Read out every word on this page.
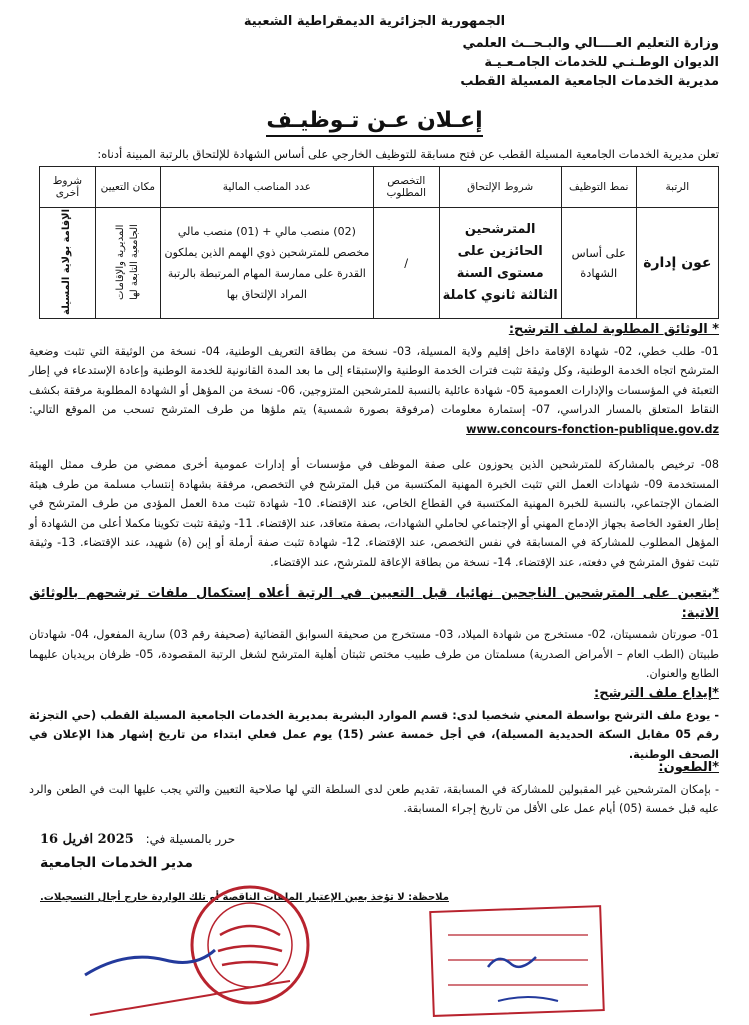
الجمهورية الجزائرية الديمقراطية الشعبية
وزارة التعليم العــــالي والبـحــث العلمي
الديوان الوطـنـي للخدمات الجامـعـيـة
مديرية الخدمات الجامعية المسيلة القطب
إعـلان عـن تـوظيـف
تعلن مديرية الخدمات الجامعية المسيلة القطب عن فتح مسابقة للتوظيف الخارجي على أساس الشهادة للإلتحاق بالرتبة المبينة أدناه:
الرتبة	نمط التوظيف	شروط الإلتحاق	التخصص المطلوب	عدد المناصب المالية	مكان التعيين	شروط أخرى
عون إدارة	على أساس الشهادة	المترشحين الحائزين على مستوى السنة الثالثة ثانوي كاملة	/	(02) منصب مالي + (01) منصب مالي مخصص للمترشحين ذوي الهمم الذين يملكون القدرة على ممارسة المهام المرتبطة بالرتبة المراد الإلتحاق بها	المديرية والإقامات الجامعية التابعة لها	الإقامة بولاية المسيلة
* الوثائق المطلوبة لملف الترشح:
01- طلب خطي، 02- شهادة الإقامة داخل إقليم ولاية المسيلة، 03- نسخة من بطاقة التعريف الوطنية، 04- نسخة من الوثيقة التي تثبت وضعية المترشح اتجاه الخدمة الوطنية، وكل وثيقة تثبت فترات الخدمة الوطنية والإستبقاء إلى ما بعد المدة القانونية للخدمة الوطنية وإعادة الإستدعاء في إطار التعبئة في المؤسسات والإدارات العمومية 05- شهادة عائلية بالنسبة للمترشحين المتزوجين، 06- نسخة من المؤهل أو الشهادة المطلوبة مرفقة بكشف النقاط المتعلق بالمسار الدراسي، 07- إستمارة معلومات (مرفوقة بصورة شمسية) يتم ملؤها من طرف المترشح تسحب من الموقع التالي: www.concours-fonction-publique.gov.dz
08- ترخيص بالمشاركة للمترشحين الذين يحوزون على صفة الموظف في مؤسسات أو إدارات عمومية أخرى ممضي من طرف ممثل الهيئة المستخدمة 09- شهادات العمل التي تثبت الخبرة المهنية المكتسبة من قبل المترشح في التخصص، مرفقة بشهادة إنتساب مسلمة من طرف هيئة الضمان الإجتماعي، بالنسبة للخبرة المهنية المكتسبة في القطاع الخاص، عند الإقتضاء. 10- شهادة تثبت مدة العمل المؤدى من طرف المترشح في إطار العقود الخاصة بجهاز الإدماج المهني أو الإجتماعي لحاملي الشهادات، بصفة متعاقد، عند الإقتضاء. 11- وثيقة تثبت تكوينا مكملا أعلى من الشهادة أو المؤهل المطلوب للمشاركة في المسابقة في نفس التخصص، عند الإقتضاء. 12- شهادة تثبت صفة أرملة أو إبن (ة) شهيد، عند الإقتضاء. 13- وثيقة تثبت تفوق المترشح في دفعته، عند الإقتضاء. 14- نسخة من بطاقة الإعاقة للمترشح، عند الإقتضاء.
*يتعين على المترشحين الناجحين نهائيا، قبل التعيين في الرتبة أعلاه إستكمال ملفات ترشحهم بالوثائق الاتية:
01- صورتان شمسيتان، 02- مستخرج من شهادة الميلاد، 03- مستخرج من صحيفة السوابق القضائية (صحيفة رقم 03) سارية المفعول، 04- شهادتان طبيتان (الطب العام – الأمراض الصدرية) مسلمتان من طرف طبيب مختص تثبتان أهلية المترشح لشغل الرتبة المقصودة، 05- ظرفان بريديان عليهما الطابع والعنوان.
*إيداع ملف الترشح:
- يودع ملف الترشح بواسطة المعني شخصيا لدى: قسم الموارد البشرية بمديرية الخدمات الجامعية المسيلة القطب (حي التجزئة رقم 05 مقابل السكة الحديدية المسيلة)، في أجل خمسة عشر (15) يوم عمل فعلي ابتداء من تاريخ إشهار هذا الإعلان في الصحف الوطنية.
*الطعون:
- بإمكان المترشحين غير المقبولين للمشاركة في المسابقة، تقديم طعن لدى السلطة التي لها صلاحية التعيين والتي يجب عليها البت في الطعن والرد عليه قبل خمسة (05) أيام عمل على الأقل من تاريخ إجراء المسابقة.
حرر بالمسيلة في: 2025 افريل 16
مدير الخدمات الجامعية
ملاحظة: لا تؤخذ بعين الإعتبار الملفات الناقصة أو تلك الواردة خارج أجال التسجيلات.
